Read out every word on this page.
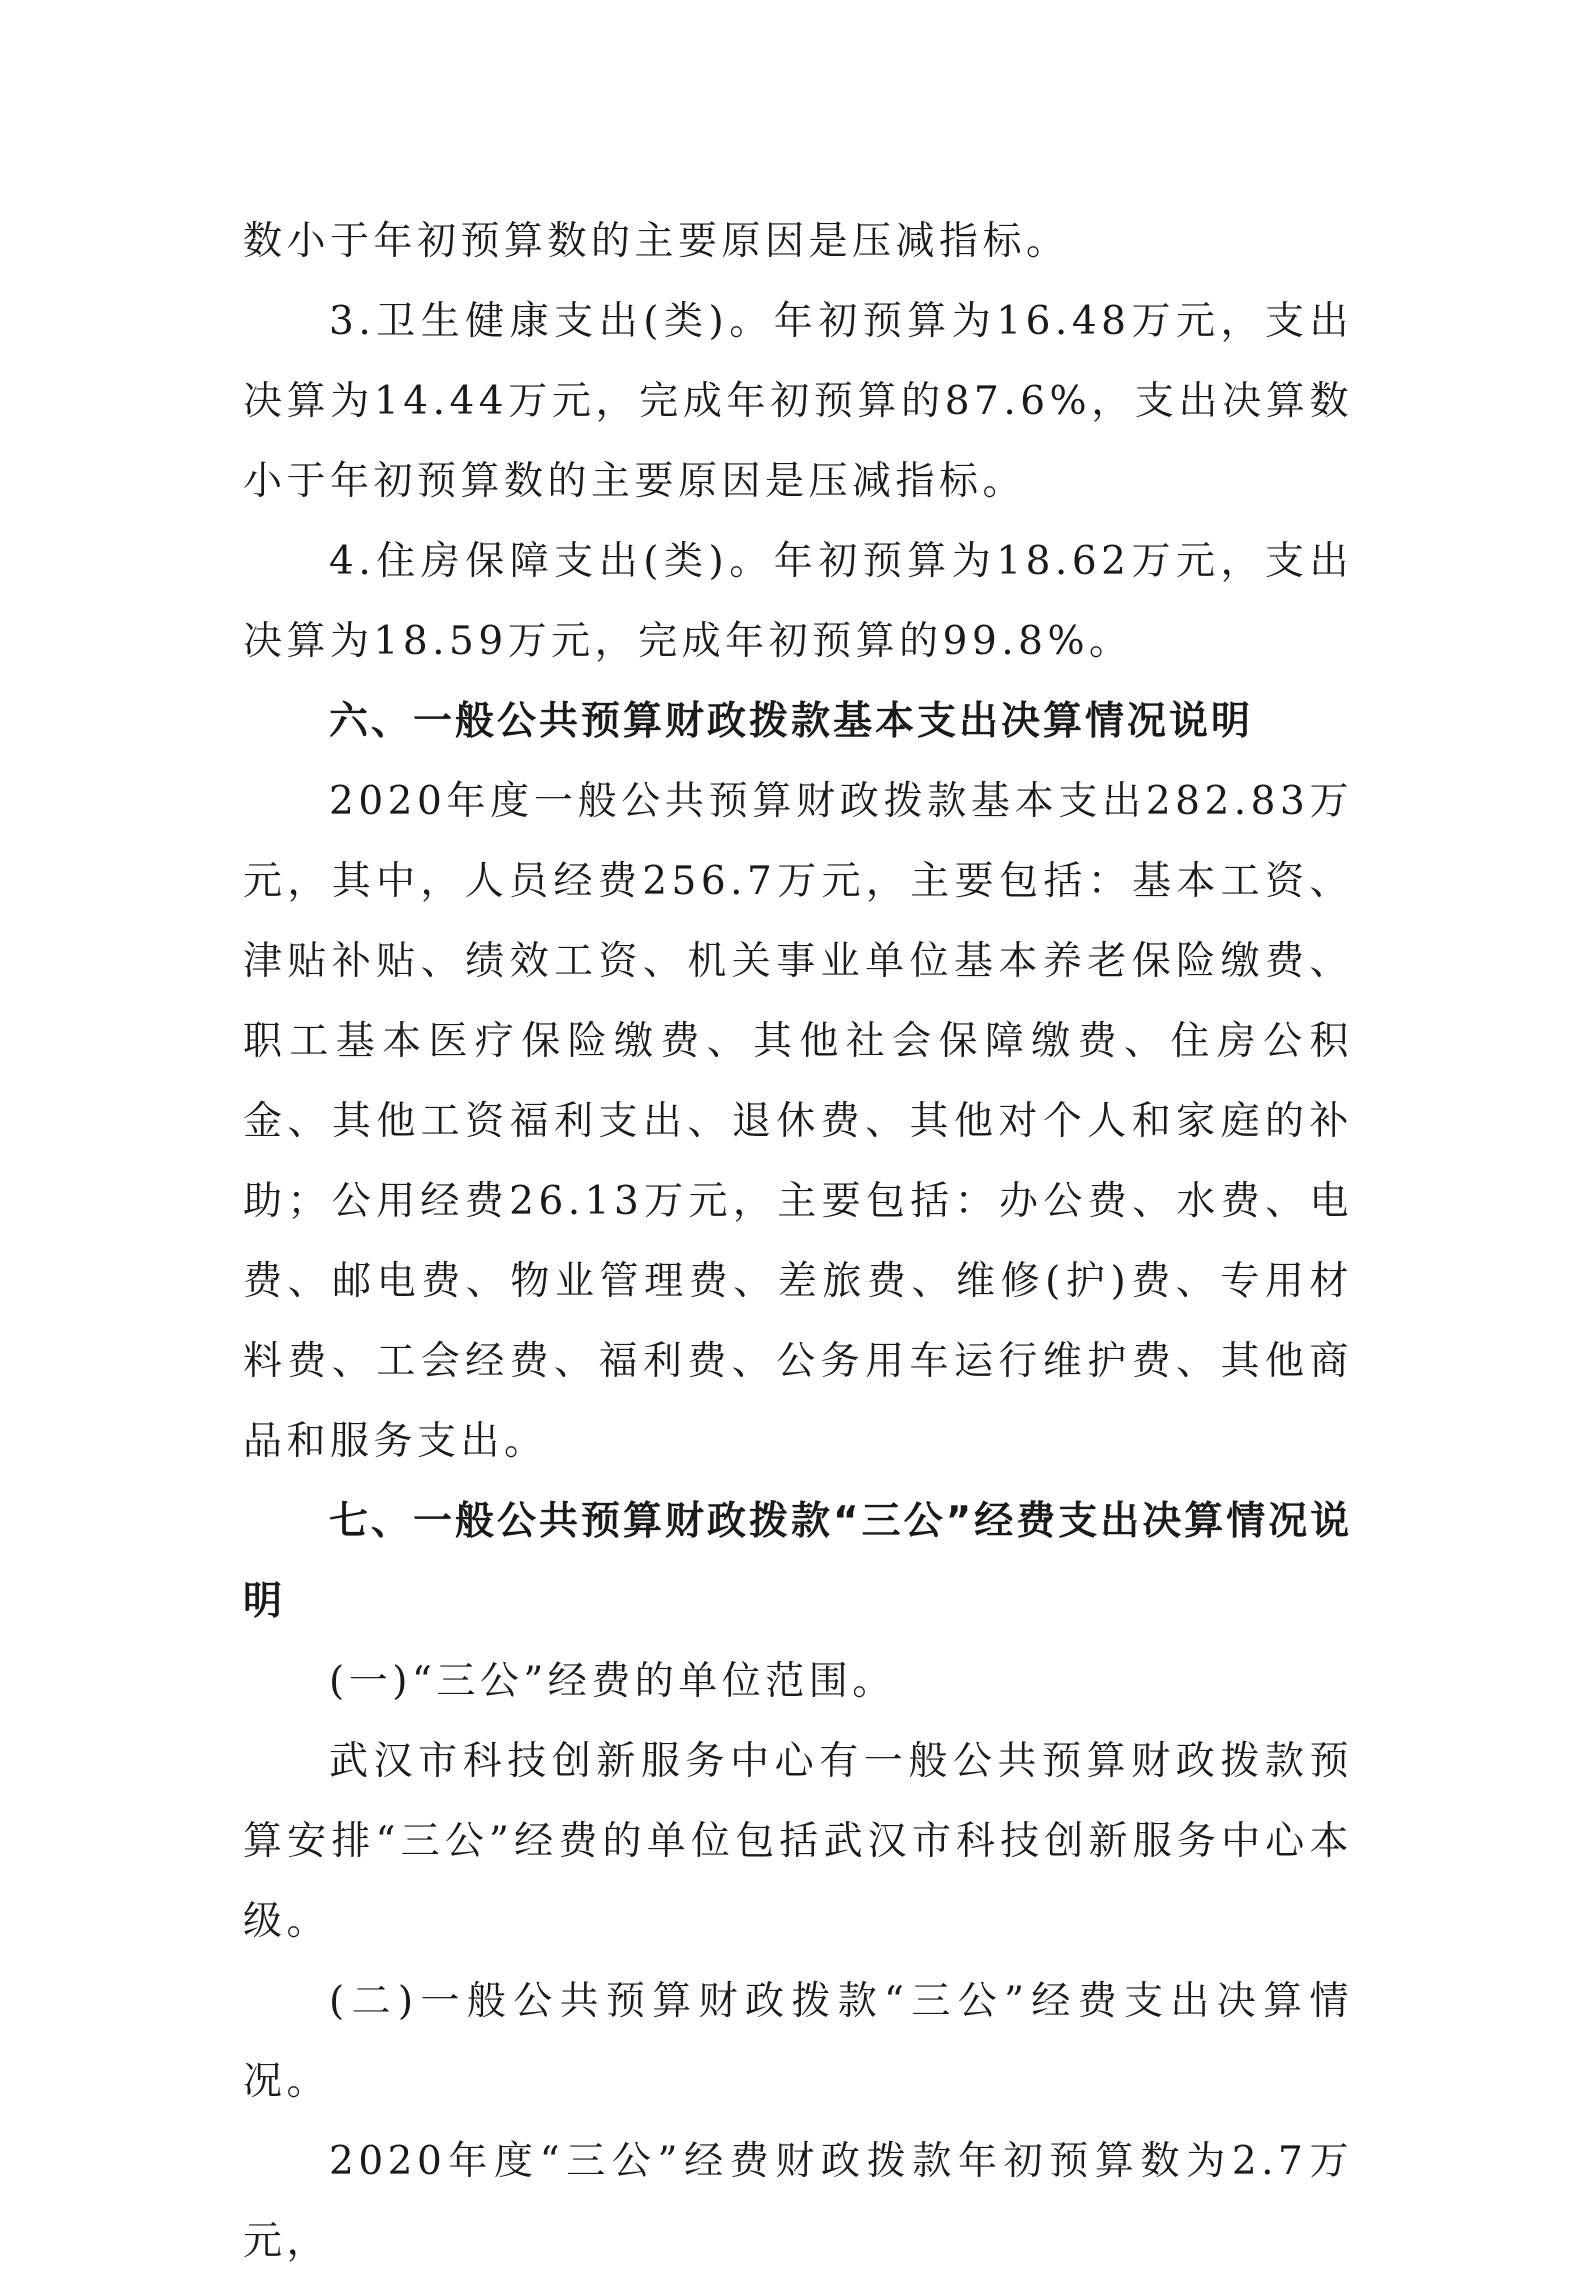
数小于年初预算数的主要原因是压减指标。

3.卫生健康支出(类)。年初预算为16.48万元，支出决算为14.44万元，完成年初预算的87.6%，支出决算数小于年初预算数的主要原因是压减指标。

4.住房保障支出(类)。年初预算为18.62万元，支出决算为18.59万元，完成年初预算的99.8%。

六、一般公共预算财政拨款基本支出决算情况说明

2020年度一般公共预算财政拨款基本支出282.83万元，其中，人员经费256.7万元，主要包括：基本工资、津贴补贴、绩效工资、机关事业单位基本养老保险缴费、职工基本医疗保险缴费、其他社会保障缴费、住房公积金、其他工资福利支出、退休费、其他对个人和家庭的补助；公用经费26.13万元，主要包括：办公费、水费、电费、邮电费、物业管理费、差旅费、维修(护)费、专用材料费、工会经费、福利费、公务用车运行维护费、其他商品和服务支出。

七、一般公共预算财政拨款“三公”经费支出决算情况说明

(一)“三公”经费的单位范围。

武汉市科技创新服务中心有一般公共预算财政拨款预算安排“三公”经费的单位包括武汉市科技创新服务中心本级。

(二)一般公共预算财政拨款“三公”经费支出决算情况。

2020年度“三公”经费财政拨款年初预算数为2.7万元，
